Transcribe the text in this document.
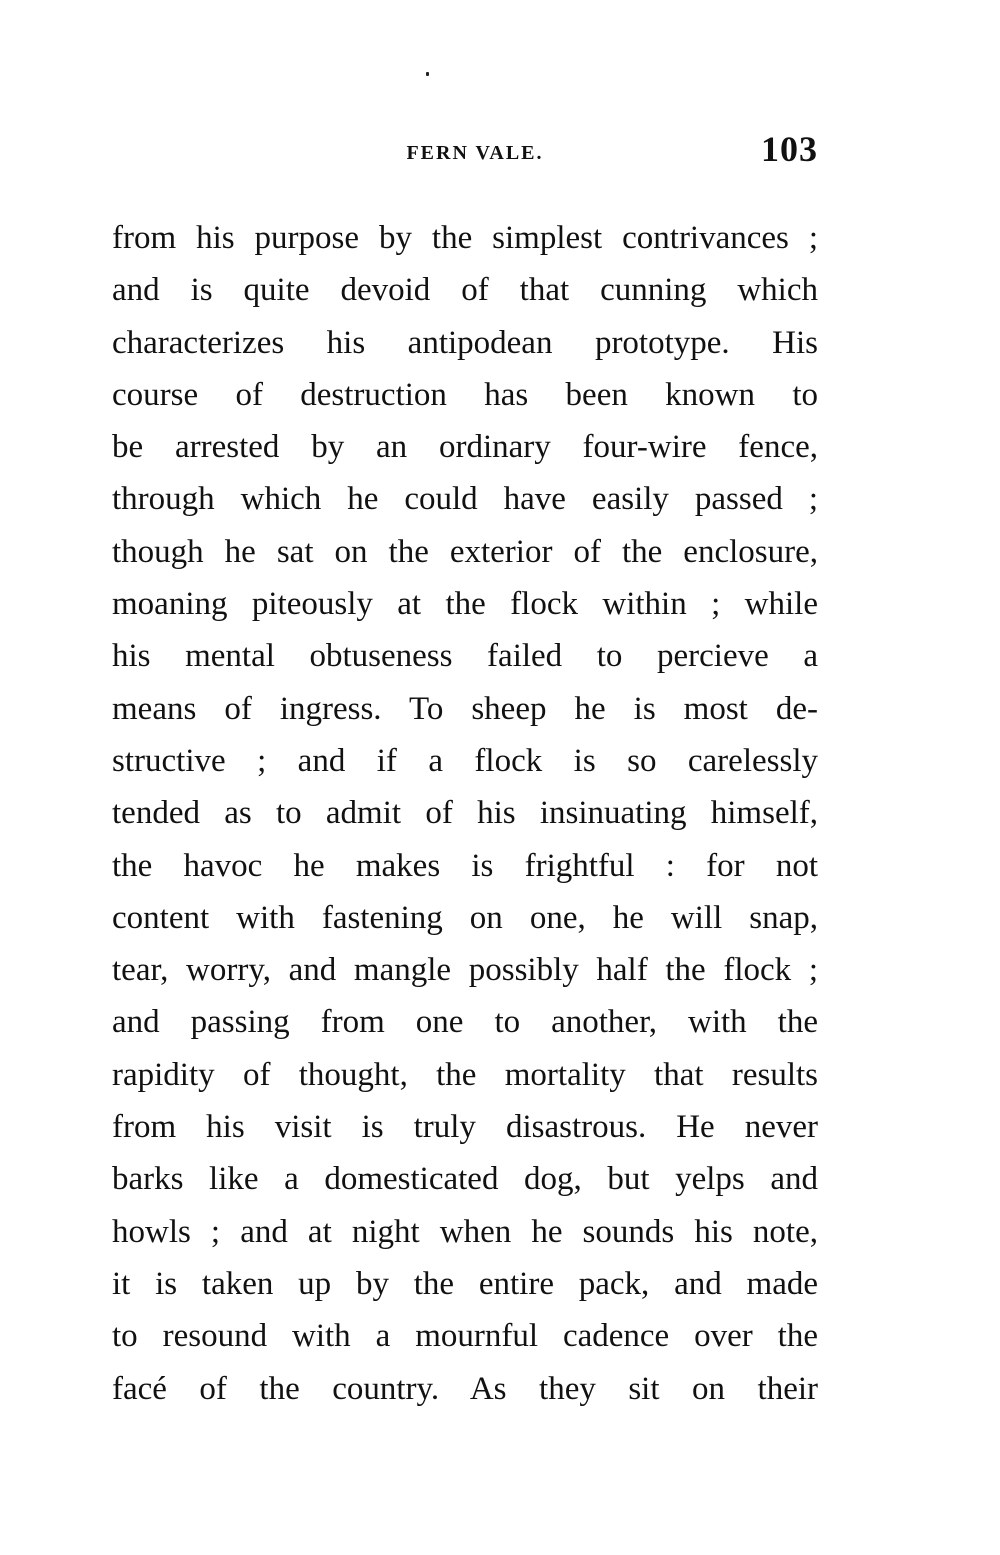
FERN VALE.	103
from his purpose by the simplest contrivances ;
and is quite devoid of that cunning which
characterizes his antipodean prototype. His
course of destruction has been known to
be arrested by an ordinary four-wire fence,
through which he could have easily passed ;
though he sat on the exterior of the enclosure,
moaning piteously at the flock within ; while
his mental obtuseness failed to percieve a
means of ingress. To sheep he is most de-
structive ; and if a flock is so carelessly
tended as to admit of his insinuating himself,
the havoc he makes is frightful : for not
content with fastening on one, he will snap,
tear, worry, and mangle possibly half the flock ;
and passing from one to another, with the
rapidity of thought, the mortality that results
from his visit is truly disastrous. He never
barks like a domesticated dog, but yelps and
howls ; and at night when he sounds his note,
it is taken up by the entire pack, and made
to resound with a mournful cadence over the
facé of the country. As they sit on their
